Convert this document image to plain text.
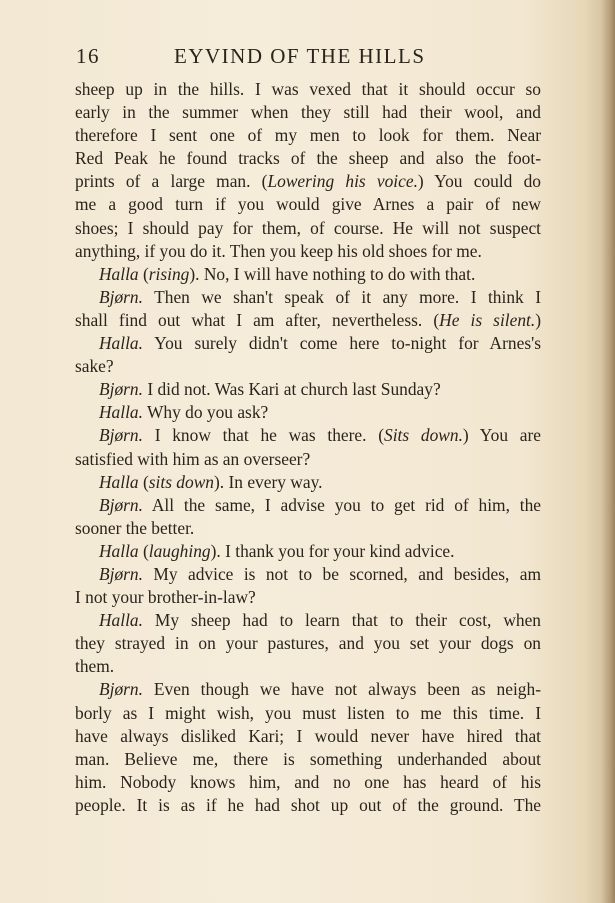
16	EYVIND OF THE HILLS
sheep up in the hills. I was vexed that it should occur so
early in the summer when they still had their wool, and
therefore I sent one of my men to look for them. Near
Red Peak he found tracks of the sheep and also the foot-
prints of a large man. (Lowering his voice.) You could do
me a good turn if you would give Arnes a pair of new
shoes; I should pay for them, of course. He will not suspect
anything, if you do it. Then you keep his old shoes for me.
Halla (rising). No, I will have nothing to do with that.
Bjørn. Then we shan't speak of it any more. I think I
shall find out what I am after, nevertheless. (He is silent.)
Halla. You surely didn't come here to-night for Arnes's
sake?
Bjørn. I did not. Was Kari at church last Sunday?
Halla. Why do you ask?
Bjørn. I know that he was there. (Sits down.) You are
satisfied with him as an overseer?
Halla (sits down). In every way.
Bjørn. All the same, I advise you to get rid of him, the
sooner the better.
Halla (laughing). I thank you for your kind advice.
Bjørn. My advice is not to be scorned, and besides, am
I not your brother-in-law?
Halla. My sheep had to learn that to their cost, when
they strayed in on your pastures, and you set your dogs on
them.
Bjørn. Even though we have not always been as neigh-
borly as I might wish, you must listen to me this time. I
have always disliked Kari; I would never have hired that
man. Believe me, there is something underhanded about
him. Nobody knows him, and no one has heard of his
people. It is as if he had shot up out of the ground. The
